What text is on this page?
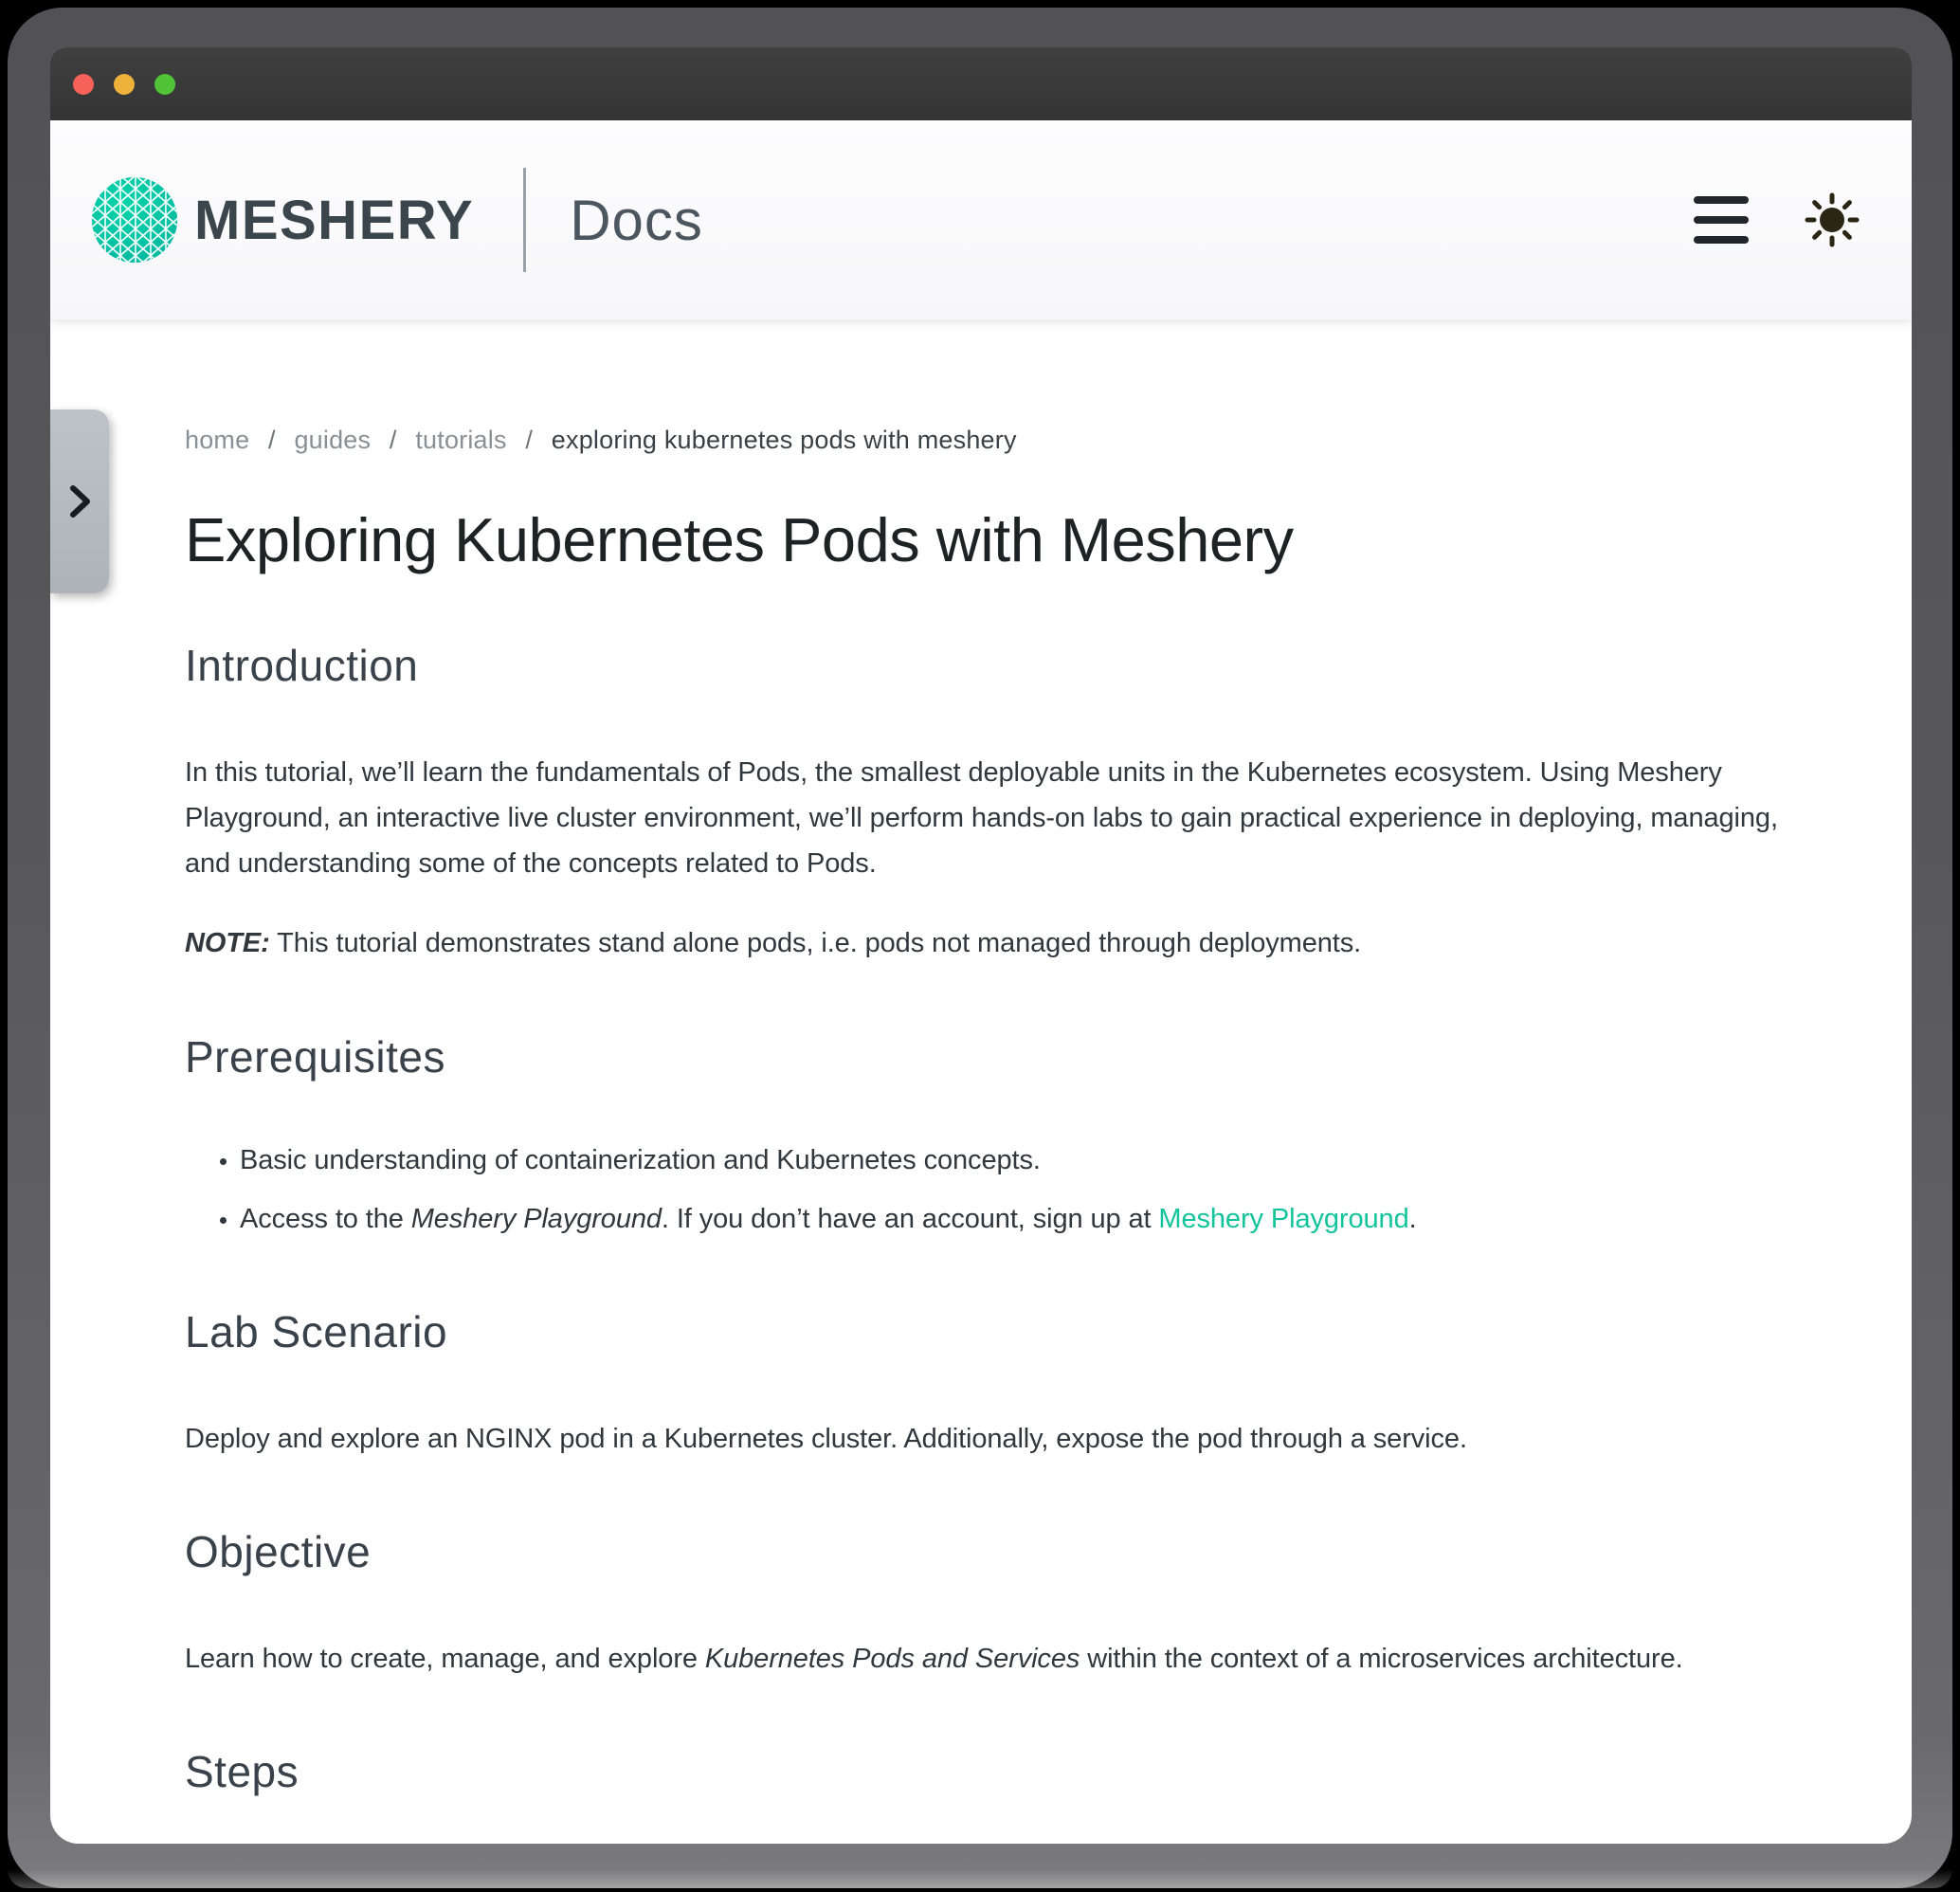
MESHERY Docs
home / guides / tutorials / exploring kubernetes pods with meshery
Exploring Kubernetes Pods with Meshery
Introduction

In this tutorial, we’ll learn the fundamentals of Pods, the smallest deployable units in the Kubernetes ecosystem. Using Meshery Playground, an interactive live cluster environment, we’ll perform hands-on labs to gain practical experience in deploying, managing, and understanding some of the concepts related to Pods.

NOTE: This tutorial demonstrates stand alone pods, i.e. pods not managed through deployments.

Prerequisites
• Basic understanding of containerization and Kubernetes concepts.
• Access to the Meshery Playground. If you don’t have an account, sign up at Meshery Playground.
Lab Scenario

Deploy and explore an NGINX pod in a Kubernetes cluster. Additionally, expose the pod through a service.

Objective

Learn how to create, manage, and explore Kubernetes Pods and Services within the context of a microservices architecture.

Steps
